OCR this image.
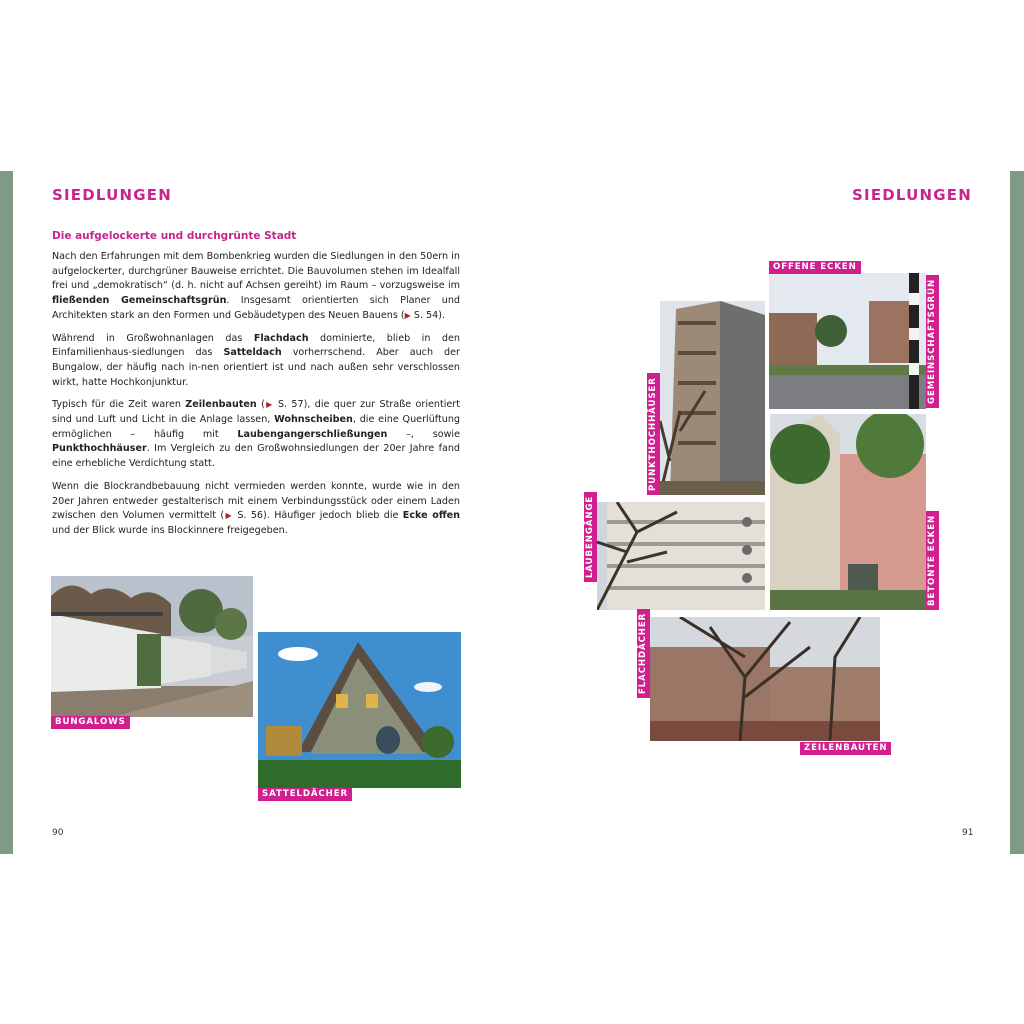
SIEDLUNGEN
Die aufgelockerte und durchgrünte Stadt

Nach den Erfahrungen mit dem Bombenkrieg wurden die Siedlungen in den 50ern in aufgelockerter, durchgrüner Bauweise errichtet. Die Bauvolumen stehen im Idealfall frei und „demokratisch“ (d. h. nicht auf Achsen gereiht) im Raum – vorzugsweise im fließenden Gemeinschaftsgrün. Insgesamt orientierten sich Planer und Architekten stark an den Formen und Gebäudetypen des Neuen Bauens (▶ S. 54).

Während in Großwohnanlagen das Flachdach dominierte, blieb in den Einfamilienhaus-siedlungen das Satteldach vorherrschend. Aber auch der Bungalow, der häufig nach in-nen orientiert ist und nach außen sehr verschlossen wirkt, hatte Hochkonjunktur.

Typisch für die Zeit waren Zeilenbauten (▶ S. 57), die quer zur Straße orientiert sind und Luft und Licht in die Anlage lassen, Wohnscheiben, die eine Querlüftung ermöglichen – häufig mit Laubengangerschließungen –, sowie Punkthochhäuser. Im Vergleich zu den Großwohnsiedlungen der 20er Jahre fand eine erhebliche Verdichtung statt.

Wenn die Blockrandbebauung nicht vermieden werden konnte, wurde wie in den 20er Jahren entweder gestalterisch mit einem Verbindungsstück oder einem Laden zwischen den Volumen vermittelt (▶ S. 56). Häufiger jedoch blieb die Ecke offen und der Blick wurde ins Blockinnere freigegeben.

BUNGALOWS
SATTELDÄCHER
90
SIEDLUNGEN
OFFENE ECKEN
GEMEINSCHAFTSGRÜN
PUNKTHOCHHÄUSER
LAUBENGÄNGE	BETONTE ECKEN
FLACHDÄCHER
ZEILENBAUTEN
91
